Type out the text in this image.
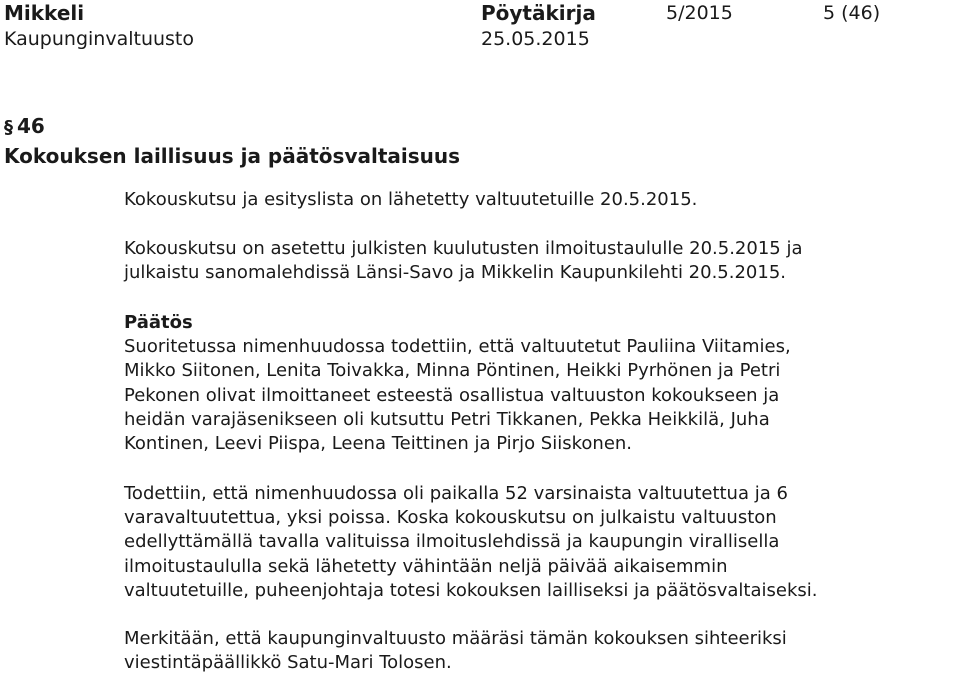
Mikkeli
Kaupunginvaltuusto
Pöytäkirja
25.05.2015
5/2015	5 (46)
§ 46
Kokouksen laillisuus ja päätösvaltaisuus
Kokouskutsu ja esityslista on lähetetty valtuutetuille 20.5.2015.
Kokouskutsu on asetettu julkisten kuulutusten ilmoitustaululle 20.5.2015 ja
julkaistu sanomalehdissä Länsi-Savo ja Mikkelin Kaupunkilehti 20.5.2015.
Päätös
Suoritetussa nimenhuudossa todettiin, että valtuutetut Pauliina Viitamies,
Mikko Siitonen, Lenita Toivakka, Minna Pöntinen, Heikki Pyrhönen ja Petri
Pekonen olivat ilmoittaneet esteestä osallistua valtuuston kokoukseen ja
heidän varajäsenikseen oli kutsuttu Petri Tikkanen, Pekka Heikkilä, Juha
Kontinen, Leevi Piispa, Leena Teittinen ja Pirjo Siiskonen.
Todettiin, että nimenhuudossa oli paikalla 52 varsinaista valtuutettua ja 6
varavaltuutettua, yksi poissa. Koska kokouskutsu on julkaistu valtuuston
edellyttämällä tavalla valituissa ilmoituslehdissä ja kaupungin virallisella
ilmoitustaululla sekä lähetetty vähintään neljä päivää aikaisemmin
valtuutetuille, puheenjohtaja totesi kokouksen lailliseksi ja päätösvaltaiseksi.
Merkitään, että kaupunginvaltuusto määräsi tämän kokouksen sihteeriksi
viestintäpäällikkö Satu-Mari Tolosen.
